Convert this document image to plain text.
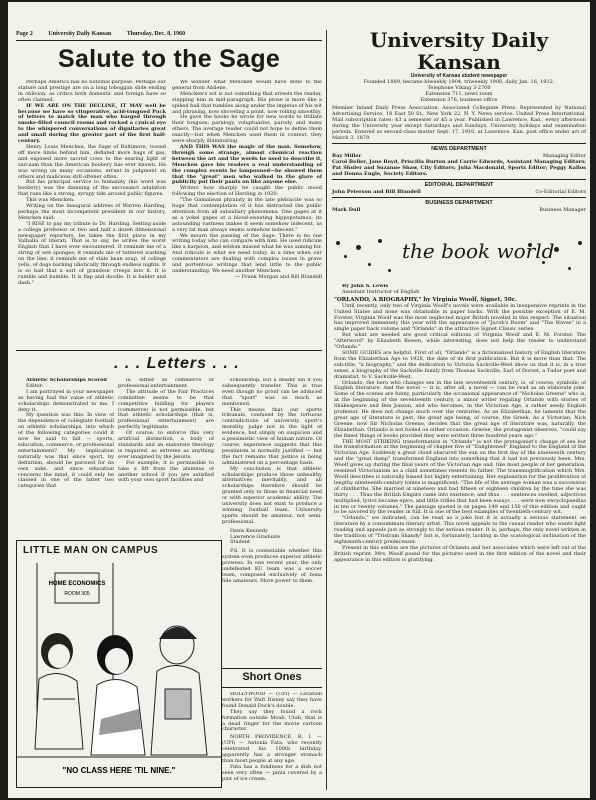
Page 2	University Daily Kansan	Thursday, Dec. 8, 1960
Salute to the Sage

Perhaps America has no national purpose. Perhaps our stature and prestige are on a long toboggan slide ending in oblivion, as critics both domestic and foreign have so often claimed.

IF WE ARE ON THE DECLINE, IT MAY well be because we have so vituperative, acid-tongued Puck of letters to match the man who barged through smoke-filled council rooms and rocked a cynical eye to the whispered conversations of dignitaries great and small during the greater part of the first half-century.

Henry Louis Mencken, the Sage of Baltimore, tossed off more limbs behind him, deflated more bags of gas, and exposed more sacred cows to the searing light of sarcasm than the American boobery has ever known. He was wrong on many occasions, errant in judgment on others and malicious still oftener often.

But his principal service to humanity (his word was boobery) was the damning of the sacrosanct adulation that runs like a strong, syrupy tide around public figures.

This was Mencken.

Writing on the inaugural address of Warren Harding, perhaps the most incompetent president in our history, Mencken said:

"I RISE to pay my tribute to Dr. Harding. Setting aside a college professor or two and half a dozen dimensional newspaper reporters, he takes the first place in my Valhalla of literati. That is to say, he writes the worst English that I have ever encountered. It reminds me of a string of wet sponges; it reminds me of tattered washing on the line; it reminds me of stale bean soup, of college yells, of dogs barking idiotically through endless nights. It is so bad that a sort of grandeur creeps into it. It is rumble and bumble. It is flap and doodle. It is balder and dash."

We wonder what Mencken would have done to the general from Abilene.

Mencken's wit is not something that arrests the reader, stopping him in mid-paragraph. His prose is more like a spiked ball that tumbles along under the impetus of his wit and phrasing, now shoveling a point, now rolling smoothly.

He gave the books he wrote for new words to titillate their tongues; paralogy, voluptuaries, parody, and many others. The average reader could not hope to define them exactly—but when Mencken used them in context, they were sharply illuminating.

AND THIS WAS the magic of the man. Somehow, through some strange, almost chemical reaction between the art and the words he used to describe it, Mencken gave his readers a real understanding of the complex events he lampooned—he showed them that the "great" men who walked in the glare of publicity put their pants on like anyone else.

Writers how sharply he caught the public mood following the election of Harding in 1920:

"The Gamaliean phraiaty in the late plebiscite was so huge that contemplation of it has distracted the public attention from all subsidiary phenomena. One gapes at it as a yokel gapes at a blood-sweating hippopotamus; its astounding vastness makes it seem somehow indecent, as a very fat man always seems somehow indecent."

We mourn the passing of the Sage. There is no one writing today who can compare with him. He used ridicule like a harpoon, and seldom missed what he was aiming for. And ridicule is what we need today, in a time when our commentators are dealing with complex issues in grave and portentous writings that lend little to the public understanding. We need another Mencken.

— Frank Morgan and Bill Blundell

. . . Letters . . .

Athletic Scholarships Scored

Editor:

I am portrayed in your newspaper as having had the value of athletic scholarships demonstrated to me. I deny it.

My question was this: In view of the dependence of collegiate football on athletic scholarships, into which of the following categories could it now be said to fall — sports, education, commerce, or professional entertainment? My implication naturally was that since sport, by definition, should be pursued for its own sake, and since education concerns the mind, it could only be classed in one of the latter two categories that

is, either as commerce or professional entertainment.

The attitude of the Fair Practices committee seems to be that competitive bidding for players (commerce) is not permissible, but that athletic scholarships (that is, professional entertainment) are perfectly legitimate.

Of course, to enforce this very artificial distinction, a body of standards and an elaborate theology is required, as extreme as anything ever imagined by the Jesuits.

For example, it is permissible to take a lift from the alumnus of another school if you are satisfied with your own sport facilities and

scholarship, but a deadly sin if you subsequently transfer. This is true even though no proof can be adduced that "sport" was so much as mentioned.

This means that our sports tribunals, confused by the tortuous contradictions of university sport's morality, judge not in the light of evidence, but simply on suspicion and a pessimistic view of human nature. Of course, experience suggests that this pessimism is normally justified — but the fact remains that justice is being administered on a percentage basis.

My conclusion is that athletic scholarships produce those unhealthy alternatives inevitably, and all scholarships therefore should be granted only to those in financial need or with superior academic ability. The university does not exist to produce a winning football team. University sports should be amateur, not semi-professional.

Denis Kennedy

Lawrence Graduate

Student

P.S. It is contestable whether this system even produces superior athletic prowess. In one recent year, the only undefeated KU team was a soccer team, composed exclusively of bona fide amateurs. More power to them.

LITTLE MAN ON CAMPUS
HOME ECONOMICS
ROOM 305
"NO CLASS HERE 'TIL NINE."
Short Ones

HOLLYWOOD — (UPI) — Location workers for Walt Disney say they have found Donald Duck's double.

They say they found a rock formation outside Moab, Utah, that is a dead ringer for the movie cartoon character.

NORTH PROVIDENCE, R. I. — (UPI) — Antonia Fata, who recently celebrated his 100th birthday, apparently has a stronger stomach than most people at any age.

Fata has a fondness for a dish not seen very often — pizza covered by a pint of ice cream.

University Daily Kansan

University of Kansas student newspaper

Founded 1889, became biweekly 1904, triweekly 1908, daily Jan. 16, 1912.

Telephone Viking 3-2700

Extension 711, news room

Extension 376, business office

Member Inland Daily Press Association, Associated Collegiate Press. Represented by National Advertising Service, 18 East 50 St., New York 22, N. Y. News service: United Press International. Mail subscription rates: $3 a semester or $5 a year. Published in Lawrence, Kan., every afternoon during the University year except Saturdays and Sundays, University holidays and examination periods. Entered as second-class matter Sept. 17, 1910, at Lawrence, Kan. post office under act of March 3, 1879.

NEWS DEPARTMENT

Ray Miller	Managing Editor

Carol Beller, Jane Boyd, Priscilla Burton and Carrie Edwards, Assistant Managing Editors; Pat Shuler and Suzanne Shaw, City Editors; Julia Macdonald, Sports Editor; Peggy Kallos and Donna Engle, Society Editors.

EDITORIAL DEPARTMENT

John Peterson and Bill Blundell	Co-Editorial Editors

BUSINESS DEPARTMENT

Mark Dull	Business Manager
the book world

By John S. Lewis

Assistant Instructor of English

"ORLANDO, A BIOGRAPHY," by Virginia Woolf, Signet, 50c.

Until recently, only two of Virginia Woolf's novels were available in inexpensive reprints in the United States and none was obtainable in paper backs. With the possible exception of E. M. Forster, Virginia Woolf was the most neglected major British novelist in this respect. The situation has improved immensely this year with the appearance of "Jacob's Room" and "The Waves" in a single paper back volume and "Orlando" in the attractive Signet Classic series.

But what are needed are good critical editions of Virginia Woolf and E. M. Forster. The "Afterword" by Elizabeth Bowen, while interesting, does not help the reader to understand "Orlando."

SOME GUIDES are helpful. First of all, "Orlando" is a fictionalized history of English literature from the Elizabethan Age to 1928, the date of its first publication. But it is more than that. The sub-title, "a biography," and the dedication to Victoria Sackville-West show us that it is, in a true sense, a biography of the Sackville family from Thomas Sackville, Earl of Dorset, a Tudor poet and dramatist, to V. Sackville-West.

Orlando, the hero who changes sex in the late seventeenth century, is, of course, symbolic of English literature. And the novel — it is, after all, a novel — can be read as an elaborate joke. Some of the scenes are funny, particularly the occasional appearance of "Nicholas Greene" who is, at the beginning of the seventeenth century, a minor writer regaling Orlando with stories of Shakespeare and Ben Jonson, and who becomes, in the Victorian Age, a rather seedy English professor. He does not change much over the centuries. As an Elizabethan, he laments that the great age of literature is past, the great age being, of course, the Greek. As a Victorian, Nick Greene, now Sir Nicholas Greene, decides that the great age of literature was, naturally, the Elizabethan. Orlando is not fooled on either occasion. Greene, the protagonist observes, "could say the finest things of books provided they were written three hundred years ago."

THE MOST STRIKING transformation in "Orlando" is not the protagonist's change of sex but the transformation at the beginning of chapter five of "Enlightened" England to the England of the Victorian Age. Suddenly a great cloud obscured the sun on the first day of the nineteenth century and the "great damp" transformed England into something that it had not previously been. Mrs. Woolf gives up during the final years of the Victorian Age and, like most people of her generation, resented Victorianism as a child sometimes resents its father. The transmogrification which Mrs. Woolf describes is naturally biased but highly entertaining. Her explanation for the proliferation of lengthy nineteenth-century tomes is magnificent: "The life of the average woman was a succession of childbirths. She married at nineteen and had fifteen or eighteen children by the time she was thirty . . . Thus the British Empire came into existence; and thus . . . sentences swelled, adjectives multiplied, lyrics became epics, and little trifles that had been essays . . . were now encyclopaedias in ten or twenty volumes." The passage quoted is on pages 149 and 150 of this edition and ought to be savored by the reader in full. It is one of the best examples of twentieth-century wit.

"Orlando," we indicated, can be read as a joke but it is actually a serious statement on literature by a consummate literary artist. This novel appeals to the casual reader who wants light reading and appeals just as strongly to the serious reader. It is, perhaps, the only novel written in the tradition of "Tristram Shandy" but is, fortunately, lacking in the scatological inclination of the eighteenth-century predecessor.

Present in this edition are the pictures of Orlando and her associates which were left out of the British reprint. Mrs. Woolf posed for the pictures used in the first edition of the novel and their appearance in this edition is gratifying.
